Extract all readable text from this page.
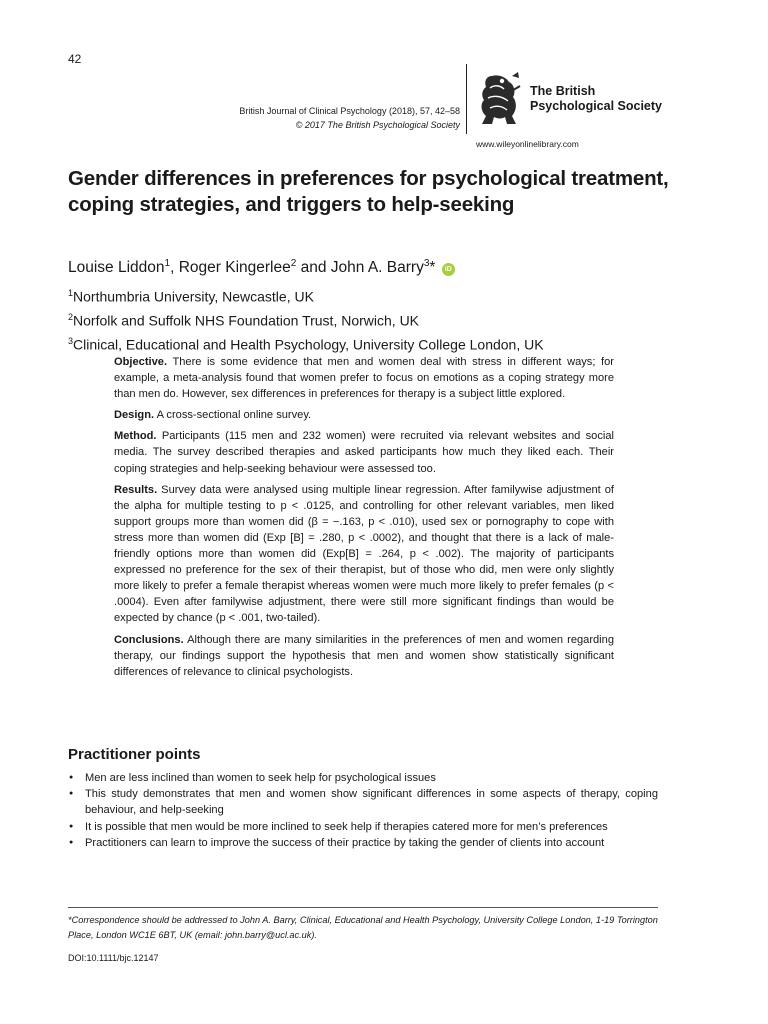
42
British Journal of Clinical Psychology (2018), 57, 42–58
© 2017 The British Psychological Society
The British
Psychological Society
www.wileyonlinelibrary.com
Gender differences in preferences for psychological treatment, coping strategies, and triggers to help-seeking
Louise Liddon$^1$, Roger Kingerlee$^2$ and John A. Barry$^3$* iD
$^1$Northumbria University, Newcastle, UK
$^2$Norfolk and Suffolk NHS Foundation Trust, Norwich, UK
$^3$Clinical, Educational and Health Psychology, University College London, UK

Objective. There is some evidence that men and women deal with stress in different ways; for example, a meta-analysis found that women prefer to focus on emotions as a coping strategy more than men do. However, sex differences in preferences for therapy is a subject little explored.

Design. A cross-sectional online survey.

Method. Participants (115 men and 232 women) were recruited via relevant websites and social media. The survey described therapies and asked participants how much they liked each. Their coping strategies and help-seeking behaviour were assessed too.

Results. Survey data were analysed using multiple linear regression. After familywise adjustment of the alpha for multiple testing to p < .0125, and controlling for other relevant variables, men liked support groups more than women did (β = −.163, p < .010), used sex or pornography to cope with stress more than women did (Exp [B] = .280, p < .0002), and thought that there is a lack of male-friendly options more than women did (Exp[B] = .264, p < .002). The majority of participants expressed no preference for the sex of their therapist, but of those who did, men were only slightly more likely to prefer a female therapist whereas women were much more likely to prefer females (p < .0004). Even after familywise adjustment, there were still more significant findings than would be expected by chance (p < .001, two-tailed).

Conclusions. Although there are many similarities in the preferences of men and women regarding therapy, our findings support the hypothesis that men and women show statistically significant differences of relevance to clinical psychologists.

Practitioner points
● Men are less inclined than women to seek help for psychological issues
● This study demonstrates that men and women show significant differences in some aspects of therapy, coping behaviour, and help-seeking
● It is possible that men would be more inclined to seek help if therapies catered more for men’s preferences
● Practitioners can learn to improve the success of their practice by taking the gender of clients into account
*Correspondence should be addressed to John A. Barry, Clinical, Educational and Health Psychology, University College London, 1-19 Torrington Place, London WC1E 6BT, UK (email: john.barry@ucl.ac.uk).
DOI:10.1111/bjc.12147
